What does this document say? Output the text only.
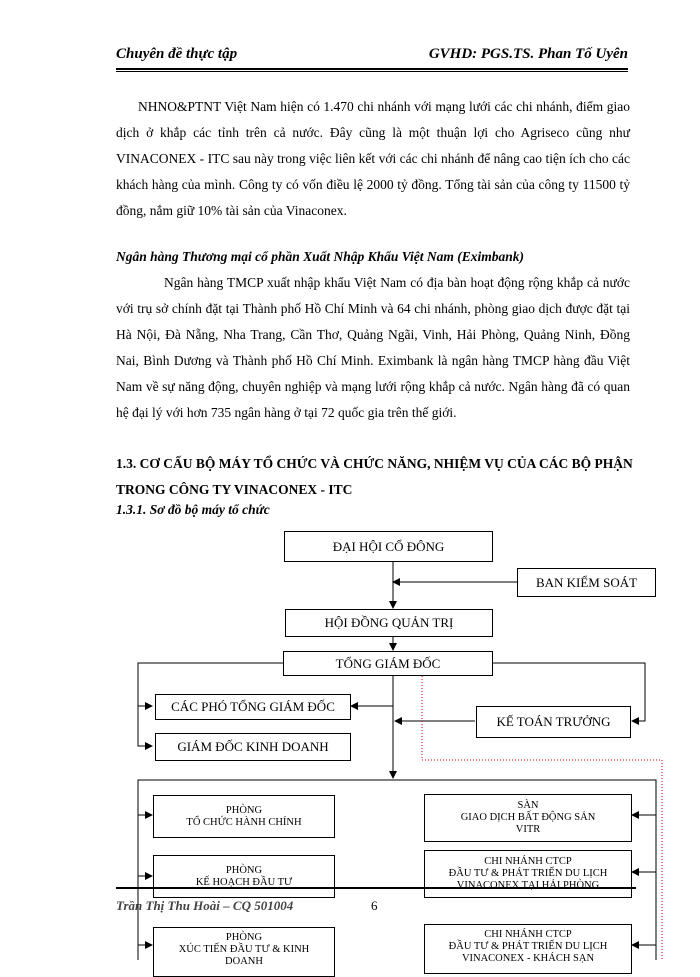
Chuyên đề thực tập	GVHD: PGS.TS. Phan Tố Uyên
NHNO&PTNT Việt Nam hiện có 1.470 chi nhánh với mạng lưới các chi nhánh, điểm giao dịch ở khắp các tỉnh trên cả nước. Đây cũng là một thuận lợi cho Agriseco cũng như VINACONEX - ITC sau này trong việc liên kết với các chi nhánh để nâng cao tiện ích cho các khách hàng của mình. Công ty có vốn điều lệ 2000 tỷ đồng. Tổng tài sản của công ty 11500 tỷ đồng, nắm giữ 10% tài sản của Vinaconex.
Ngân hàng Thương mại cổ phần Xuất Nhập Khẩu Việt Nam (Eximbank)
Ngân hàng TMCP xuất nhập khẩu Việt Nam có địa bàn hoạt động rộng khắp cả nước với trụ sở chính đặt tại Thành phố Hồ Chí Minh và 64 chi nhánh, phòng giao dịch được đặt tại Hà Nội, Đà Nẵng, Nha Trang, Cần Thơ, Quảng Ngãi, Vinh, Hải Phòng, Quảng Ninh, Đồng Nai, Bình Dương và Thành phố Hồ Chí Minh. Eximbank là ngân hàng TMCP hàng đầu Việt Nam về sự năng động, chuyên nghiệp và mạng lưới rộng khắp cả nước. Ngân hàng đã có quan hệ đại lý với hơn 735 ngân hàng ở tại 72 quốc gia trên thế giới.
1.3. CƠ CẤU BỘ MÁY TỔ CHỨC VÀ CHỨC NĂNG, NHIỆM VỤ CỦA CÁC BỘ PHẬN TRONG CÔNG TY VINACONEX - ITC
1.3.1. Sơ đồ bộ máy tổ chức
ĐẠI HỘI CỔ ĐÔNG
BAN KIỂM SOÁT
HỘI ĐỒNG QUẢN TRỊ
TỔNG GIÁM ĐỐC
CÁC PHÓ TỔNG GIÁM ĐỐC
KẾ TOÁN TRƯỞNG
GIÁM ĐỐC KINH DOANH
PHÒNG
TỔ CHỨC HÀNH CHÍNH
PHÒNG
KẾ HOẠCH ĐẦU TƯ
PHÒNG
XÚC TIẾN ĐẦU TƯ & KINH
DOANH
SÀN
GIAO DỊCH BẤT ĐỘNG SẢN
VITR
CHI NHÁNH CTCP
ĐẦU TƯ & PHÁT TRIỂN DU LỊCH
VINACONEX TẠI HẢI PHÒNG
CHI NHÁNH CTCP
ĐẦU TƯ & PHÁT TRIỂN DU LỊCH
VINACONEX - KHÁCH SẠN
Trần Thị Thu Hoài – CQ 501004	6
